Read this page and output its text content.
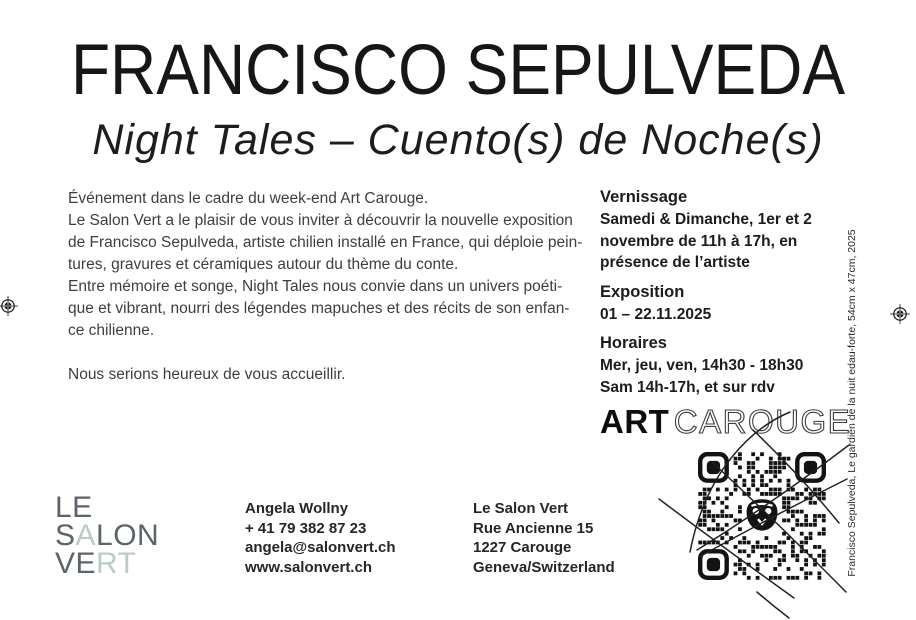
FRANCISCO SEPULVEDA
Night Tales – Cuento(s) de Noche(s)
Événement dans le cadre du week-end Art Carouge.
Le Salon Vert a le plaisir de vous inviter à découvrir la nouvelle exposition
de Francisco Sepulveda, artiste chilien installé en France, qui déploie pein-
tures, gravures et céramiques autour du thème du conte.
Entre mémoire et songe, Night Tales nous convie dans un univers poéti-
que et vibrant, nourri des légendes mapuches et des récits de son enfan-
ce chilienne.
Nous serions heureux de vous accueillir.
Vernissage
Samedi & Dimanche, 1er et 2
novembre de 11h à 17h, en
présence de l’artiste
Exposition
01 – 22.11.2025
Horaires
Mer, jeu, ven, 14h30 - 18h30
Sam 14h-17h, et sur rdv
ART CAROUGE
LE
SALON
VERT
Angela Wollny
+ 41 79 382 87 23
angela@salonvert.ch
www.salonvert.ch
Le Salon Vert
Rue Ancienne 15
1227 Carouge
Geneva/Switzerland	Francisco Sepulveda, Le gardien de la nuit edau-forte, 54cm x 47cm, 2025
